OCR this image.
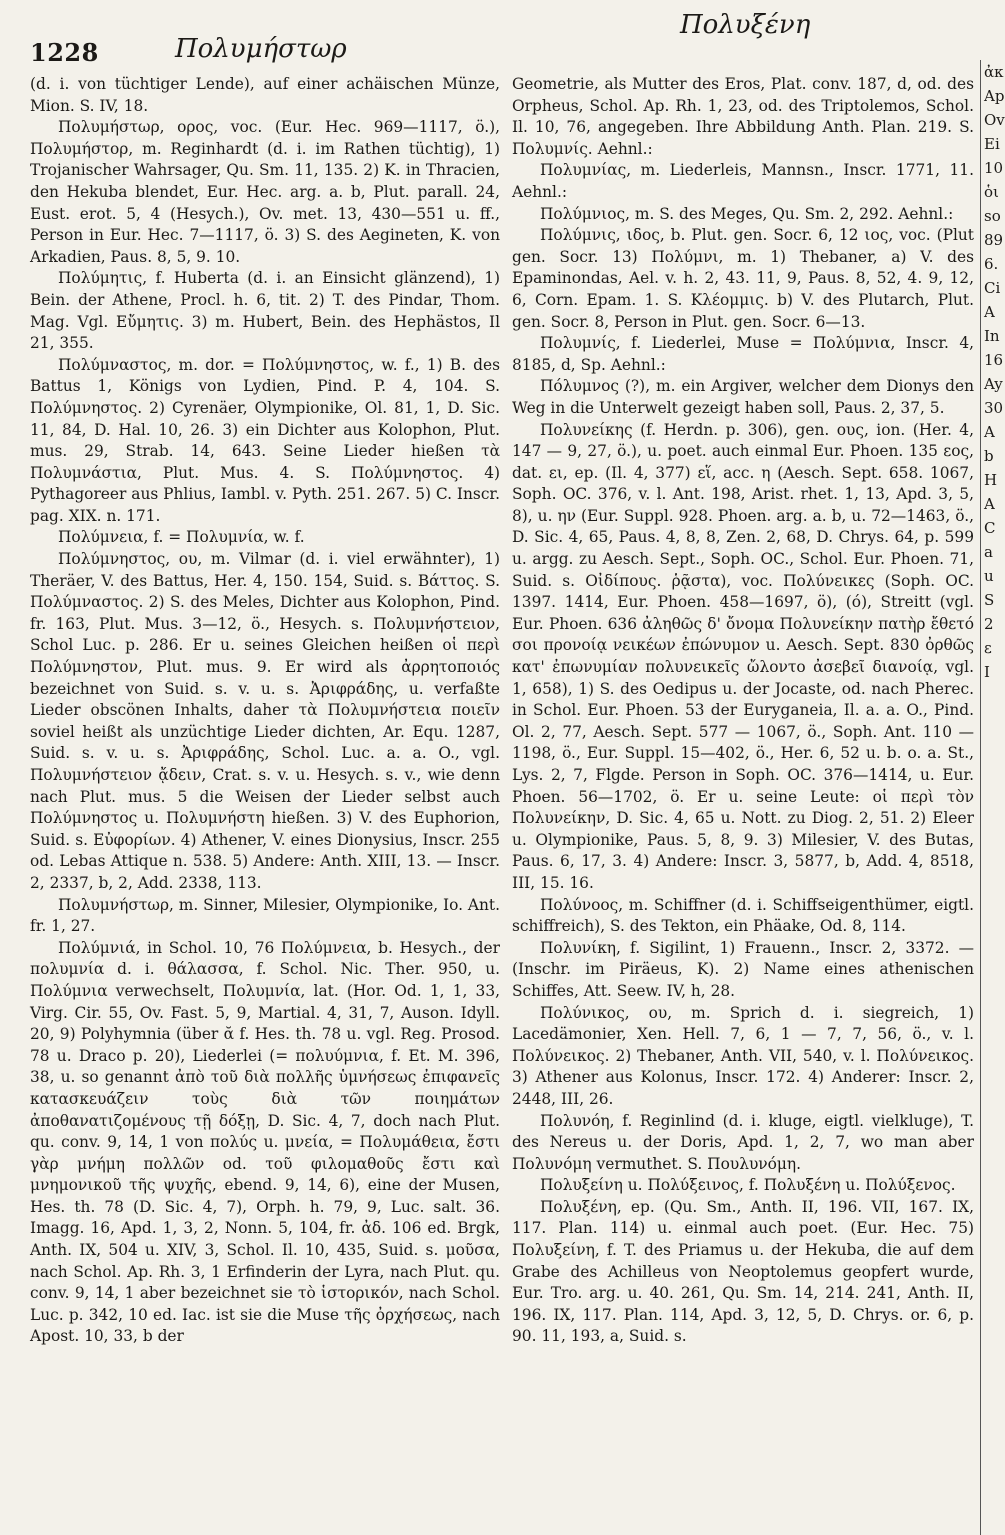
1228	Πολυμήστωρ
Πολυξένη

(d. i. von tüchtiger Lende), auf einer achäischen Münze, Mion. S. IV, 18.

Πολυμήστωρ, ορος, voc. (Eur. Hec. 969—1117, ö.), Πολυμήστορ, m. Reginhardt (d. i. im Rathen tüchtig), 1) Trojanischer Wahrsager, Qu. Sm. 11, 135. 2) K. in Thracien, den Hekuba blendet, Eur. Hec. arg. a. b, Plut. parall. 24, Eust. erot. 5, 4 (Hesych.), Ov. met. 13, 430—551 u. ff., Person in Eur. Hec. 7—1117, ö. 3) S. des Aegineten, K. von Arkadien, Paus. 8, 5, 9. 10.

Πολύμητις, f. Huberta (d. i. an Einsicht glänzend), 1) Bein. der Athene, Procl. h. 6, tit. 2) T. des Pindar, Thom. Mag. Vgl. Εὔμητις. 3) m. Hubert, Bein. des Hephästos, Il 21, 355.

Πολύμναστος, m. dor. = Πολύμνηστος, w. f., 1) B. des Battus 1, Königs von Lydien, Pind. P. 4, 104. S. Πολύμνηστος. 2) Cyrenäer, Olympionike, Ol. 81, 1, D. Sic. 11, 84, D. Hal. 10, 26. 3) ein Dichter aus Kolophon, Plut. mus. 29, Strab. 14, 643. Seine Lieder hießen τὰ Πολυμνάστια, Plut. Mus. 4. S. Πολύμνηστος. 4) Pythagoreer aus Phlius, Iambl. v. Pyth. 251. 267. 5) C. Inscr. pag. XIX. n. 171.

Πολύμνεια, f. = Πολυμνία, w. f.

Πολύμνηστος, ου, m. Vilmar (d. i. viel erwähnter), 1) Theräer, V. des Battus, Her. 4, 150. 154, Suid. s. Βάττος. S. Πολύμναστος. 2) S. des Meles, Dichter aus Kolophon, Pind. fr. 163, Plut. Mus. 3—12, ö., Hesych. s. Πολυμνήστειον, Schol Luc. p. 286. Er u. seines Gleichen heißen οἱ περὶ Πολύμνηστον, Plut. mus. 9. Er wird als ἀρρητοποιός bezeichnet von Suid. s. v. u. s. Ἀριφράδης, u. verfaßte Lieder obscönen Inhalts, daher τὰ Πολυμνήστεια ποιεῖν soviel heißt als unzüchtige Lieder dichten, Ar. Equ. 1287, Suid. s. v. u. s. Ἀριφράδης, Schol. Luc. a. a. O., vgl. Πολυμνήστειον ᾄδειν, Crat. s. v. u. Hesych. s. v., wie denn nach Plut. mus. 5 die Weisen der Lieder selbst auch Πολύμνηστος u. Πολυμνήστη hießen. 3) V. des Euphorion, Suid. s. Εὐφορίων. 4) Athener, V. eines Dionysius, Inscr. 255 od. Lebas Attique n. 538. 5) Andere: Anth. XIII, 13. — Inscr. 2, 2337, b, 2, Add. 2338, 113.

Πολυμνήστωρ, m. Sinner, Milesier, Olympionike, Io. Ant. fr. 1, 27.

Πολύμνιά, in Schol. 10, 76 Πολύμνεια, b. Hesych., der πολυμνία d. i. θάλασσα, f. Schol. Nic. Ther. 950, u. Πολύμνια verwechselt, Πολυμνία, lat. (Hor. Od. 1, 1, 33, Virg. Cir. 55, Ov. Fast. 5, 9, Martial. 4, 31, 7, Auson. Idyll. 20, 9) Polyhymnia (über ᾰ f. Hes. th. 78 u. vgl. Reg. Prosod. 78 u. Draco p. 20), Liederlei (= πολυύμνια, f. Et. M. 396, 38, u. so genannt ἀπὸ τοῦ διὰ πολλῆς ὑμνήσεως ἐπιφανεῖς κατασκευάζειν τοὺς διὰ τῶν ποιημάτων ἀποθανατιζομένους τῇ δόξῃ, D. Sic. 4, 7, doch nach Plut. qu. conv. 9, 14, 1 von πολύς u. μνεία, = Πολυμάθεια, ἔστι γὰρ μνήμη πολλῶν od. τοῦ φιλομαθοῦς ἔστι καὶ μνημονικοῦ τῆς ψυχῆς, ebend. 9, 14, 6), eine der Musen, Hes. th. 78 (D. Sic. 4, 7), Orph. h. 79, 9, Luc. salt. 36. Imagg. 16, Apd. 1, 3, 2, Nonn. 5, 104, fr. ἀδ. 106 ed. Brgk, Anth. IX, 504 u. XIV, 3, Schol. Il. 10, 435, Suid. s. μοῦσα, nach Schol. Ap. Rh. 3, 1 Erfinderin der Lyra, nach Plut. qu. conv. 9, 14, 1 aber bezeichnet sie τὸ ἱστορικόν, nach Schol. Luc. p. 342, 10 ed. Iac. ist sie die Muse τῆς ὀρχήσεως, nach Apost. 10, 33, b der

Geometrie, als Mutter des Eros, Plat. conv. 187, d, od. des Orpheus, Schol. Ap. Rh. 1, 23, od. des Triptolemos, Schol. Il. 10, 76, angegeben. Ihre Abbildung Anth. Plan. 219. S. Πολυμνίς. Aehnl.:

Πολυμνίας, m. Liederleis, Mannsn., Inscr. 1771, 11. Aehnl.:

Πολύμνιος, m. S. des Meges, Qu. Sm. 2, 292. Aehnl.:

Πολύμνις, ιδος, b. Plut. gen. Socr. 6, 12 ιος, voc. (Plut gen. Socr. 13) Πολύμνι, m. 1) Thebaner, a) V. des Epaminondas, Ael. v. h. 2, 43. 11, 9, Paus. 8, 52, 4. 9, 12, 6, Corn. Epam. 1. S. Κλέομμις. b) V. des Plutarch, Plut. gen. Socr. 8, Person in Plut. gen. Socr. 6—13.

Πολυμνίς, f. Liederlei, Muse = Πολύμνια, Inscr. 4, 8185, d, Sp. Aehnl.:

Πόλυμνος (?), m. ein Argiver, welcher dem Dionys den Weg in die Unterwelt gezeigt haben soll, Paus. 2, 37, 5.

Πολυνείκης (f. Herdn. p. 306), gen. ους, ion. (Her. 4, 147 — 9, 27, ö.), u. poet. auch einmal Eur. Phoen. 135 εος, dat. ει, ep. (Il. 4, 377) εἵ, acc. η (Aesch. Sept. 658. 1067, Soph. OC. 376, v. l. Ant. 198, Arist. rhet. 1, 13, Apd. 3, 5, 8), u. ην (Eur. Suppl. 928. Phoen. arg. a. b, u. 72—1463, ö., D. Sic. 4, 65, Paus. 4, 8, 8, Zen. 2, 68, D. Chrys. 64, p. 599 u. argg. zu Aesch. Sept., Soph. OC., Schol. Eur. Phoen. 71, Suid. s. Οἰδίπους. ῥᾷστα), voc. Πολύνεικες (Soph. OC. 1397. 1414, Eur. Phoen. 458—1697, ö), (ό), Streitt (vgl. Eur. Phoen. 636 ἀληθῶς δ' ὄνομα Πολυνείκην πατὴρ ἔθετό σοι προνοίᾳ νεικέων ἐπώνυμον u. Aesch. Sept. 830 ὀρθῶς κατ' ἐπωνυμίαν πολυνεικεῖς ὤλοντο ἀσεβεῖ διανοίᾳ, vgl. 1, 658), 1) S. des Oedipus u. der Jocaste, od. nach Pherec. in Schol. Eur. Phoen. 53 der Euryganeia, Il. a. a. O., Pind. Ol. 2, 77, Aesch. Sept. 577 — 1067, ö., Soph. Ant. 110 — 1198, ö., Eur. Suppl. 15—402, ö., Her. 6, 52 u. b. o. a. St., Lys. 2, 7, Flgde. Person in Soph. OC. 376—1414, u. Eur. Phoen. 56—1702, ö. Er u. seine Leute: οἱ περὶ τὸν Πολυνείκην, D. Sic. 4, 65 u. Nott. zu Diog. 2, 51. 2) Eleer u. Olympionike, Paus. 5, 8, 9. 3) Milesier, V. des Butas, Paus. 6, 17, 3. 4) Andere: Inscr. 3, 5877, b, Add. 4, 8518, III, 15. 16.

Πολύνοος, m. Schiffner (d. i. Schiffseigenthümer, eigtl. schiffreich), S. des Tekton, ein Phäake, Od. 8, 114.

Πολυνίκη, f. Sigilint, 1) Frauenn., Inscr. 2, 3372. — (Inschr. im Piräeus, K). 2) Name eines athenischen Schiffes, Att. Seew. IV, h, 28.

Πολύνικος, ου, m. Sprich d. i. siegreich, 1) Lacedämonier, Xen. Hell. 7, 6, 1 — 7, 7, 56, ö., v. l. Πολύνεικος. 2) Thebaner, Anth. VII, 540, v. l. Πολύνεικος. 3) Athener aus Kolonus, Inscr. 172. 4) Anderer: Inscr. 2, 2448, III, 26.

Πολυνόη, f. Reginlind (d. i. kluge, eigtl. vielkluge), T. des Nereus u. der Doris, Apd. 1, 2, 7, wo man aber Πολυνόμη vermuthet. S. Πουλυνόμη.

Πολυξείνη u. Πολύξεινος, f. Πολυξένη u. Πολύξενος.

Πολυξένη, ep. (Qu. Sm., Anth. II, 196. VII, 167. IX, 117. Plan. 114) u. einmal auch poet. (Eur. Hec. 75) Πολυξείνη, f. T. des Priamus u. der Hekuba, die auf dem Grabe des Achilleus von Neoptolemus geopfert wurde, Eur. Tro. arg. u. 40. 261, Qu. Sm. 14, 214. 241, Anth. II, 196. IX, 117. Plan. 114, Apd. 3, 12, 5, D. Chrys. or. 6, p. 90. 11, 193, a, Suid. s.

ἀκ
Ap
Ov
Ei
10
ὁι
so
89
6.
Ci
A
In
16
Ay
30
A
b
H
A
C
a
u
S
2
ε
I
